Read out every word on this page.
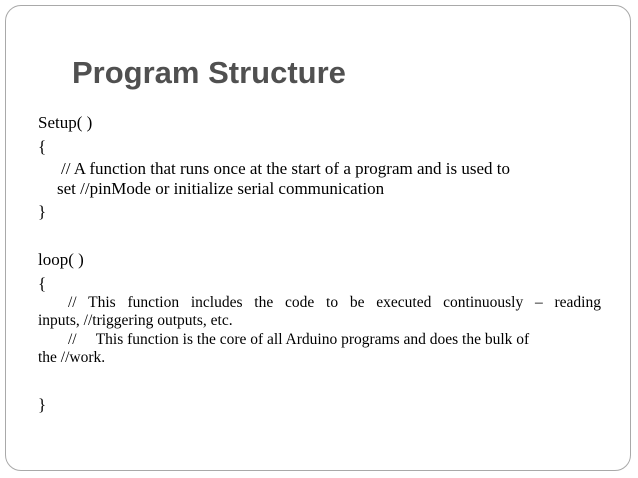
Program Structure
Setup( )
{
// A function that runs once at the start of a program and is used to
set //pinMode or initialize serial communication
}
loop( )
{
// This function includes the code to be executed continuously – reading
inputs, //triggering outputs, etc.
//     This function is the core of all Arduino programs and does the bulk of
the //work.
}
